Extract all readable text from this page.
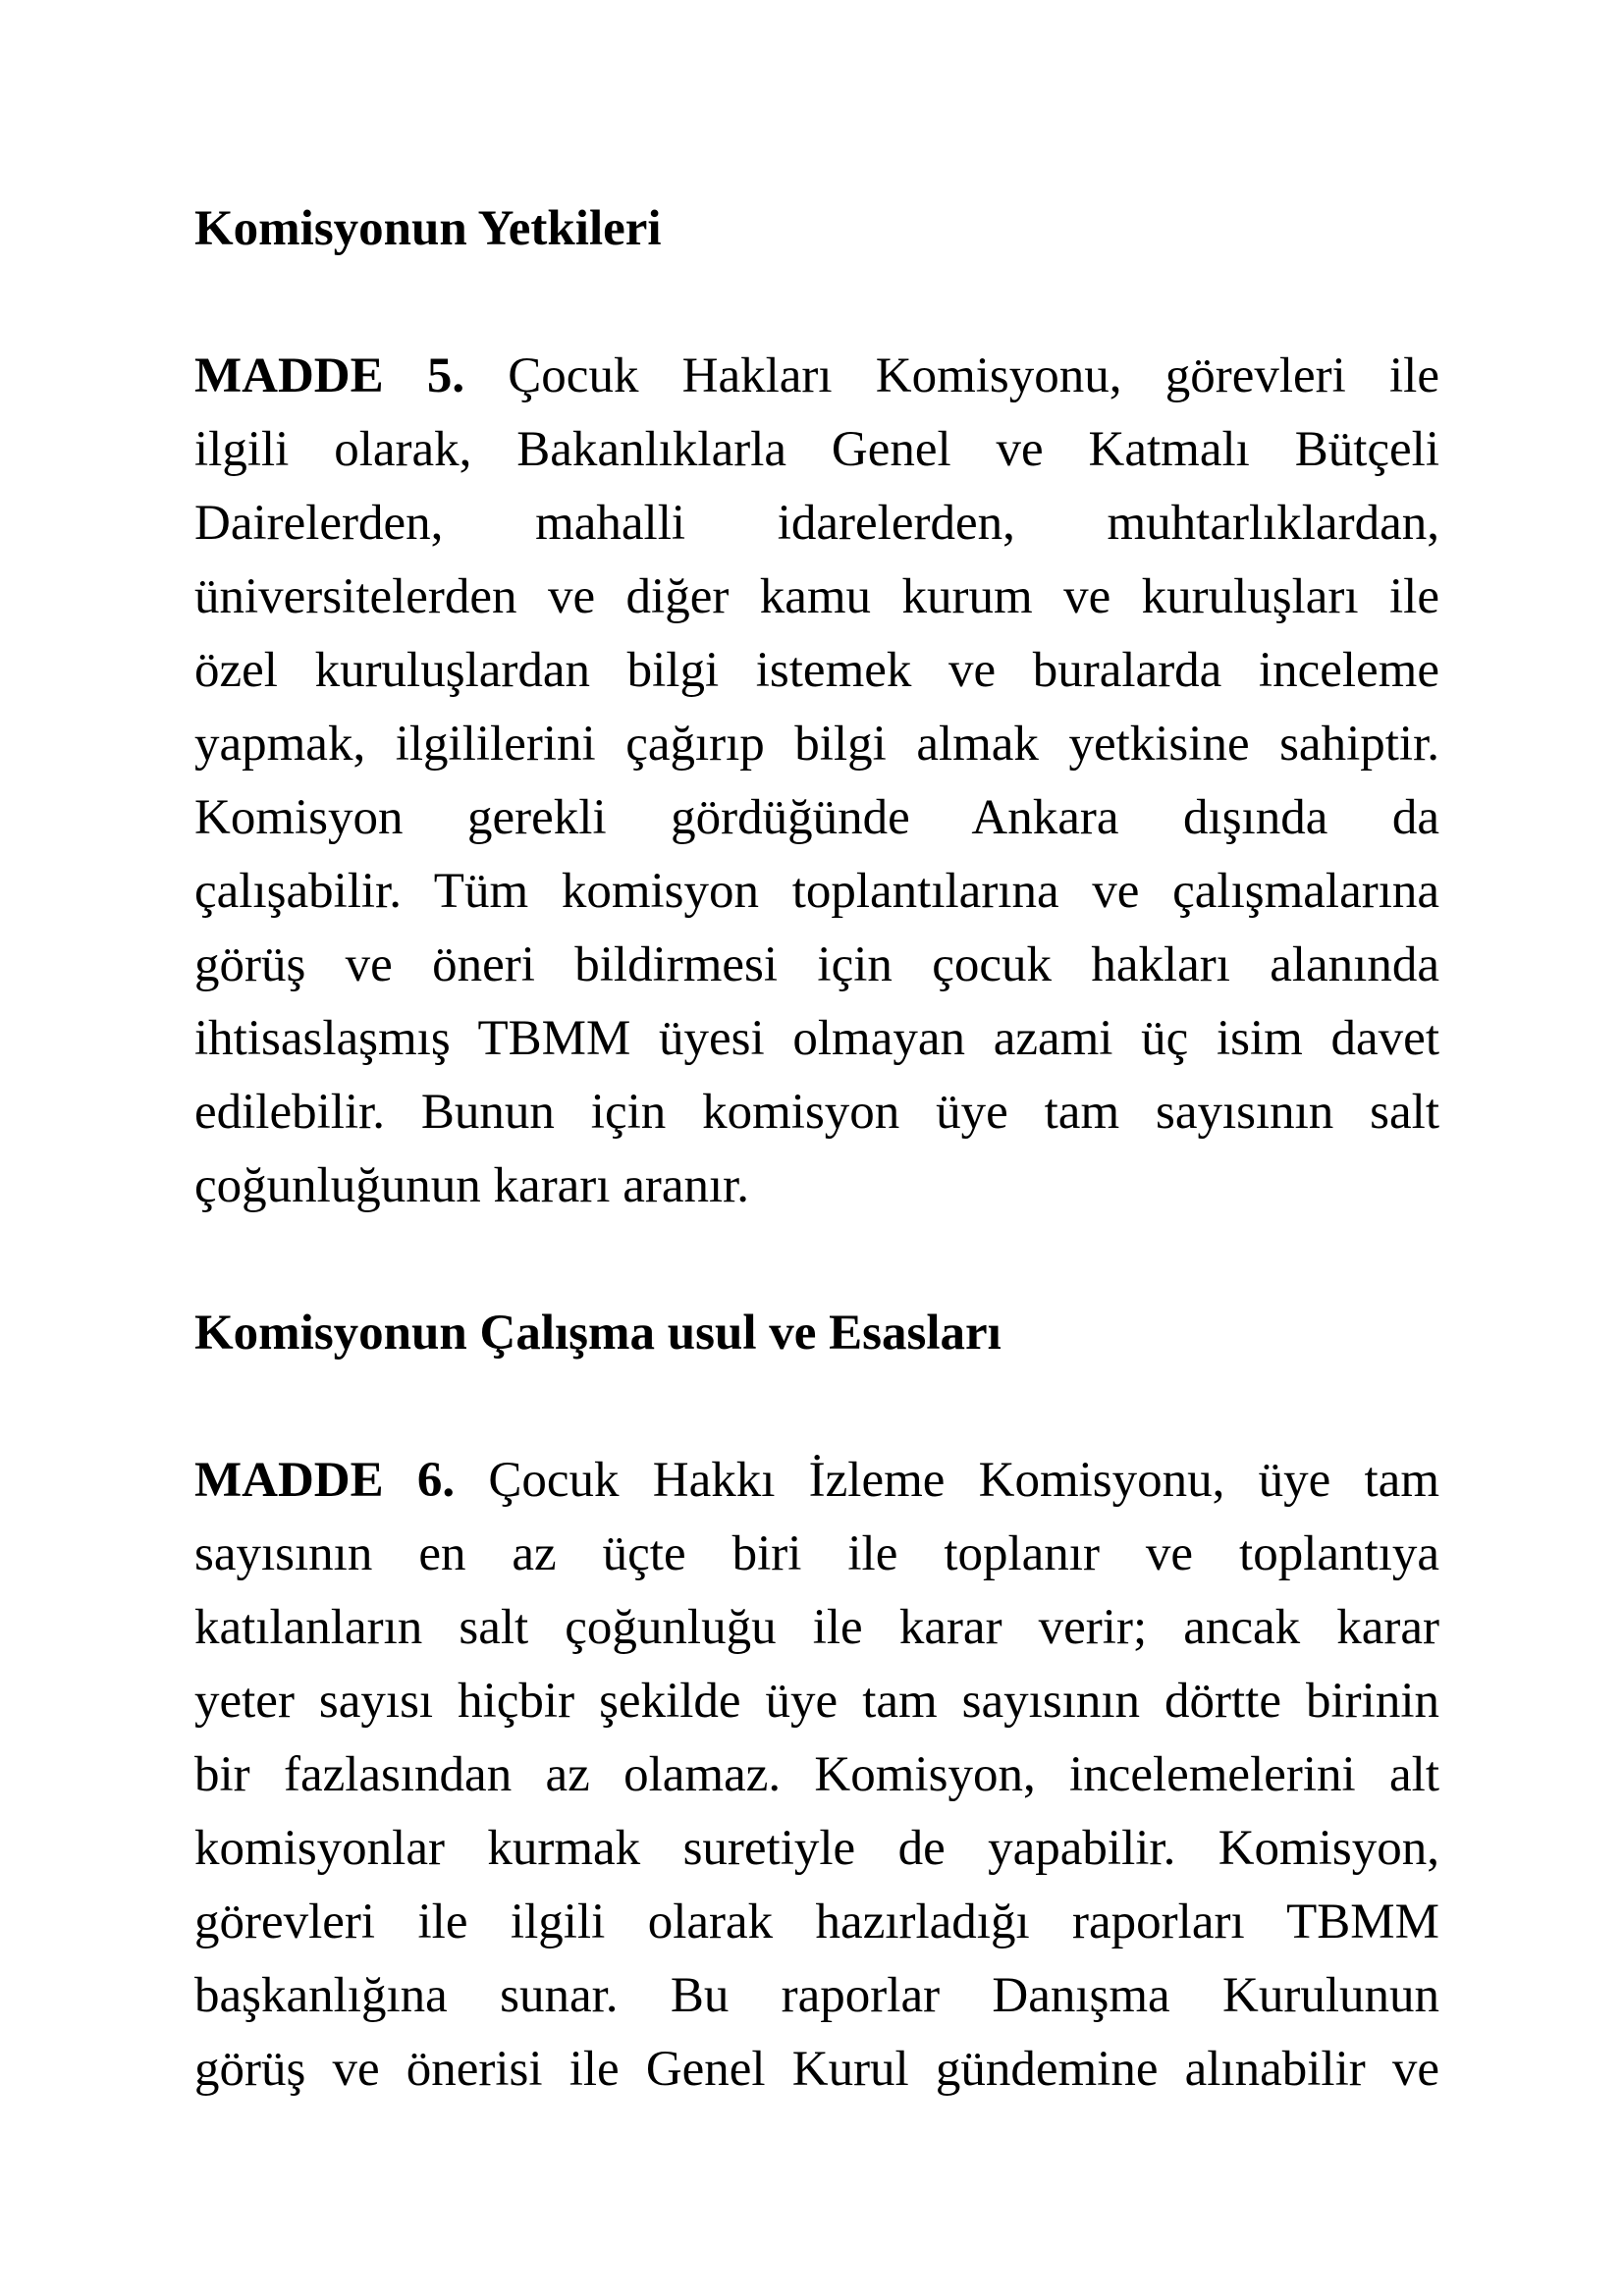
Komisyonun Yetkileri
MADDE 5. Çocuk Hakları Komisyonu, görevleri ile
ilgili olarak, Bakanlıklarla Genel ve Katmalı Bütçeli
Dairelerden, mahalli idarelerden, muhtarlıklardan,
üniversitelerden ve diğer kamu kurum ve kuruluşları ile
özel kuruluşlardan bilgi istemek ve buralarda inceleme
yapmak, ilgililerini çağırıp bilgi almak yetkisine sahiptir.
Komisyon gerekli gördüğünde Ankara dışında da
çalışabilir. Tüm komisyon toplantılarına ve çalışmalarına
görüş ve öneri bildirmesi için çocuk hakları alanında
ihtisaslaşmış TBMM üyesi olmayan azami üç isim davet
edilebilir. Bunun için komisyon üye tam sayısının salt
çoğunluğunun kararı aranır.
Komisyonun Çalışma usul ve Esasları
MADDE 6. Çocuk Hakkı İzleme Komisyonu, üye tam
sayısının en az üçte biri ile toplanır ve toplantıya
katılanların salt çoğunluğu ile karar verir; ancak karar
yeter sayısı hiçbir şekilde üye tam sayısının dörtte birinin
bir fazlasından az olamaz. Komisyon, incelemelerini alt
komisyonlar kurmak suretiyle de yapabilir. Komisyon,
görevleri ile ilgili olarak hazırladığı raporları TBMM
başkanlığına sunar. Bu raporlar Danışma Kurulunun
görüş ve önerisi ile Genel Kurul gündemine alınabilir ve
